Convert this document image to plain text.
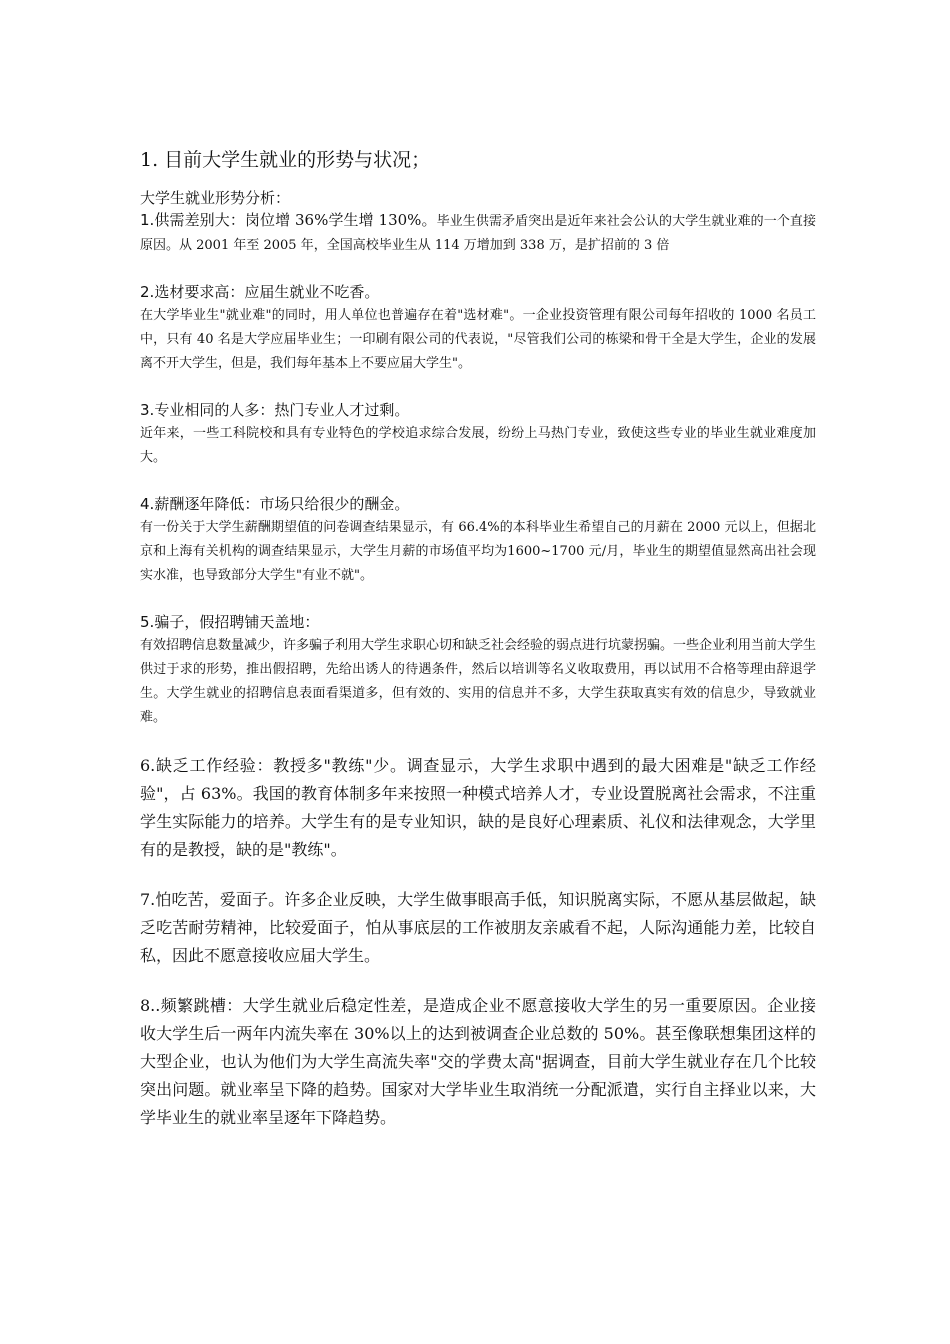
1. 目前大学生就业的形势与状况；

大学生就业形势分析：

1.供需差别大：岗位增 36%学生增 130%。毕业生供需矛盾突出是近年来社会公认的大学生就业难的一个直接原因。从 2001 年至 2005 年，全国高校毕业生从 114 万增加到 338 万，是扩招前的 3 倍

2.选材要求高：应届生就业不吃香。

在大学毕业生"就业难"的同时，用人单位也普遍存在着"选材难"。一企业投资管理有限公司每年招收的 1000 名员工中，只有 40 名是大学应届毕业生；一印刷有限公司的代表说，"尽管我们公司的栋梁和骨干全是大学生，企业的发展离不开大学生，但是，我们每年基本上不要应届大学生"。

3.专业相同的人多：热门专业人才过剩。

近年来，一些工科院校和具有专业特色的学校追求综合发展，纷纷上马热门专业，致使这些专业的毕业生就业难度加大。

4.薪酬逐年降低：市场只给很少的酬金。

有一份关于大学生薪酬期望值的问卷调查结果显示，有 66.4%的本科毕业生希望自己的月薪在 2000 元以上，但据北京和上海有关机构的调查结果显示，大学生月薪的市场值平均为1600~1700 元/月，毕业生的期望值显然高出社会现实水准，也导致部分大学生"有业不就"。

5.骗子，假招聘铺天盖地：

有效招聘信息数量减少，许多骗子利用大学生求职心切和缺乏社会经验的弱点进行坑蒙拐骗。一些企业利用当前大学生供过于求的形势，推出假招聘，先给出诱人的待遇条件，然后以培训等名义收取费用，再以试用不合格等理由辞退学生。大学生就业的招聘信息表面看渠道多，但有效的、实用的信息并不多，大学生获取真实有效的信息少，导致就业难。

6.缺乏工作经验：教授多"教练"少。调查显示，大学生求职中遇到的最大困难是"缺乏工作经验"，占 63%。我国的教育体制多年来按照一种模式培养人才，专业设置脱离社会需求，不注重学生实际能力的培养。大学生有的是专业知识，缺的是良好心理素质、礼仪和法律观念，大学里有的是教授，缺的是"教练"。

7.怕吃苦，爱面子。许多企业反映，大学生做事眼高手低，知识脱离实际，不愿从基层做起，缺乏吃苦耐劳精神，比较爱面子，怕从事底层的工作被朋友亲戚看不起，人际沟通能力差，比较自私，因此不愿意接收应届大学生。

8..频繁跳槽：大学生就业后稳定性差，是造成企业不愿意接收大学生的另一重要原因。企业接收大学生后一两年内流失率在 30%以上的达到被调查企业总数的 50%。甚至像联想集团这样的大型企业，也认为他们为大学生高流失率"交的学费太高"据调查，目前大学生就业存在几个比较突出问题。就业率呈下降的趋势。国家对大学毕业生取消统一分配派遣，实行自主择业以来，大学毕业生的就业率呈逐年下降趋势。
